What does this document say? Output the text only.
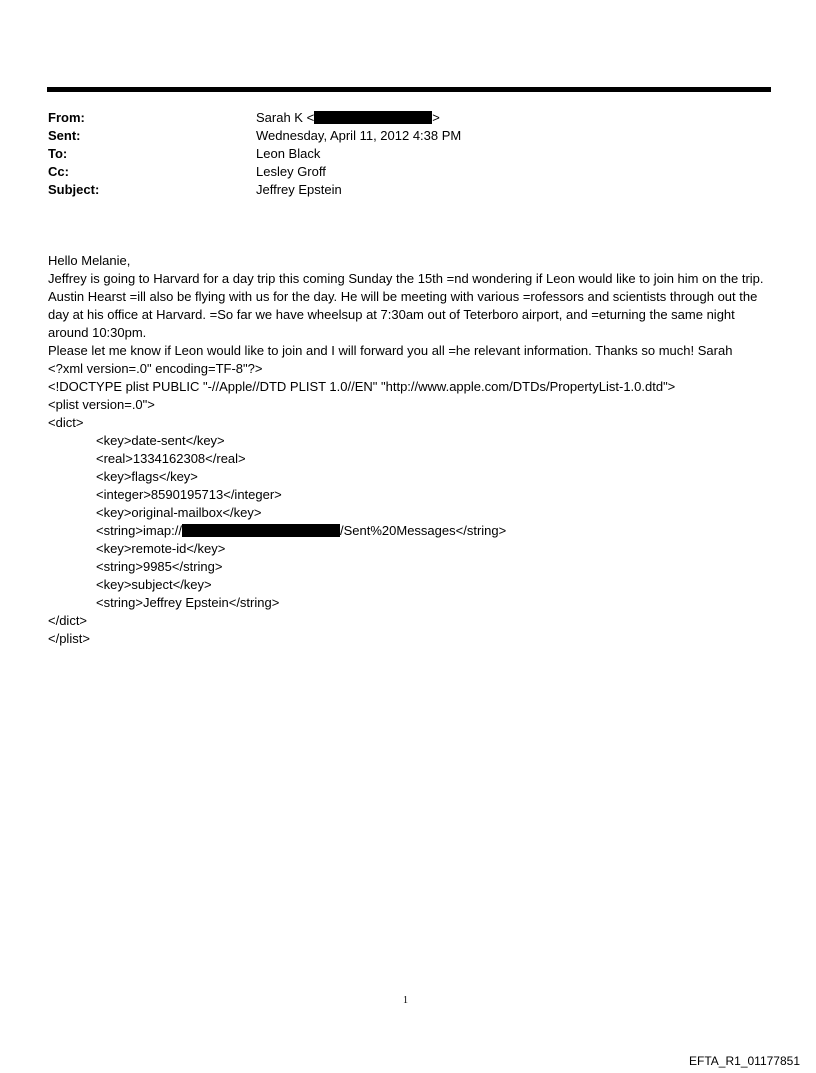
From:	Sarah K <	>
Sent:	Wednesday, April 11, 2012 4:38 PM
To:	Leon Black
Cc:	Lesley Groff
Subject:	Jeffrey Epstein

Hello Melanie,

Jeffrey is going to Harvard for a day trip this coming Sunday the 15th =nd wondering if Leon would like to join him on the trip. Austin Hearst =ill also be flying with us for the day. He will be meeting with various =rofessors and scientists through out the day at his office at Harvard. =So far we have wheelsup at 7:30am out of Teterboro airport, and =eturning the same night around 10:30pm.

Please let me know if Leon would like to join and I will forward you all =he relevant information. Thanks so much! Sarah

<?xml version=.0" encoding=TF-8"?>
<!DOCTYPE plist PUBLIC "-//Apple//DTD PLIST 1.0//EN" "http://www.apple.com/DTDs/PropertyList-1.0.dtd">
<plist version=.0">
<dict>
<key>date-sent</key>
<real>1334162308</real>
<key>flags</key>
<integer>8590195713</integer>
<key>original-mailbox</key>
<string>imap://	/Sent%20Messages</string>
<key>remote-id</key>
<string>9985</string>
<key>subject</key>
<string>Jeffrey Epstein</string>
</dict>
</plist>
1
EFTA_R1_01177851
